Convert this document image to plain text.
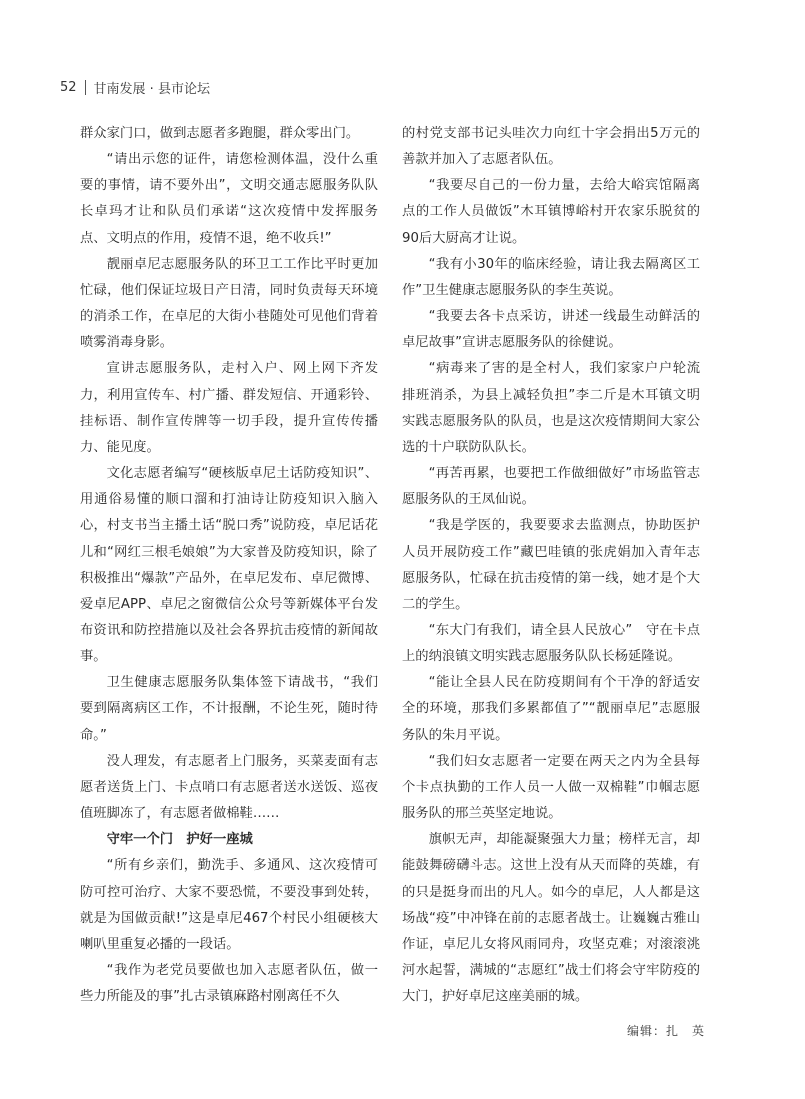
52 甘南发展 · 县市论坛

群众家门口，做到志愿者多跑腿，群众零出门。

“请出示您的证件，请您检测体温，没什么重要的事情，请不要外出”，文明交通志愿服务队队长卓玛才让和队员们承诺“这次疫情中发挥服务点、文明点的作用，疫情不退，绝不收兵!”

靓丽卓尼志愿服务队的环卫工工作比平时更加忙碌，他们保证垃圾日产日清，同时负责每天环境的消杀工作，在卓尼的大街小巷随处可见他们背着喷雾消毒身影。

宣讲志愿服务队，走村入户、网上网下齐发力，利用宣传车、村广播、群发短信、开通彩铃、挂标语、制作宣传牌等一切手段，提升宣传传播力、能见度。

文化志愿者编写“硬核版卓尼土话防疫知识”、用通俗易懂的顺口溜和打油诗让防疫知识入脑入心，村支书当主播土话“脱口秀”说防疫，卓尼话花儿和“网红三根毛娘娘”为大家普及防疫知识，除了积极推出“爆款”产品外，在卓尼发布、卓尼微博、爱卓尼APP、卓尼之窗微信公众号等新媒体平台发布资讯和防控措施以及社会各界抗击疫情的新闻故事。

卫生健康志愿服务队集体签下请战书，“我们要到隔离病区工作，不计报酬，不论生死，随时待命。”

没人理发，有志愿者上门服务，买菜麦面有志愿者送货上门、卡点哨口有志愿者送水送饭、巡夜值班脚冻了，有志愿者做棉鞋……

守牢一个门　护好一座城

“所有乡亲们，勤洗手、多通风、这次疫情可防可控可治疗、大家不要恐慌，不要没事到处转，就是为国做贡献!”这是卓尼467个村民小组硬核大喇叭里重复必播的一段话。

“我作为老党员要做也加入志愿者队伍，做一些力所能及的事”扎古录镇麻路村刚离任不久

的村党支部书记头哇次力向红十字会捐出5万元的善款并加入了志愿者队伍。

“我要尽自己的一份力量，去给大峪宾馆隔离点的工作人员做饭”木耳镇博峪村开农家乐脱贫的90后大厨高才让说。

“我有小30年的临床经验，请让我去隔离区工作”卫生健康志愿服务队的李生英说。

“我要去各卡点采访，讲述一线最生动鲜活的卓尼故事”宣讲志愿服务队的徐健说。

“病毒来了害的是全村人，我们家家户户轮流排班消杀，为县上减轻负担”李二斤是木耳镇文明实践志愿服务队的队员，也是这次疫情期间大家公选的十户联防队队长。

“再苦再累，也要把工作做细做好”市场监管志愿服务队的王凤仙说。

“我是学医的，我要要求去监测点，协助医护人员开展防疫工作”藏巴哇镇的张虎娟加入青年志愿服务队，忙碌在抗击疫情的第一线，她才是个大二的学生。

“东大门有我们，请全县人民放心”　守在卡点上的纳浪镇文明实践志愿服务队队长杨延隆说。

“能让全县人民在防疫期间有个干净的舒适安全的环境，那我们多累都值了”“靓丽卓尼”志愿服务队的朱月平说。

“我们妇女志愿者一定要在两天之内为全县每个卡点执勤的工作人员一人做一双棉鞋”巾帼志愿服务队的邢兰英坚定地说。

旗帜无声，却能凝聚强大力量；榜样无言，却能鼓舞磅礴斗志。这世上没有从天而降的英雄，有的只是挺身而出的凡人。如今的卓尼，人人都是这场战“疫”中冲锋在前的志愿者战士。让巍巍古雅山作证，卓尼儿女将风雨同舟，攻坚克难；对滚滚洮河水起誓，满城的“志愿红”战士们将会守牢防疫的大门，护好卓尼这座美丽的城。

编辑：扎　英
